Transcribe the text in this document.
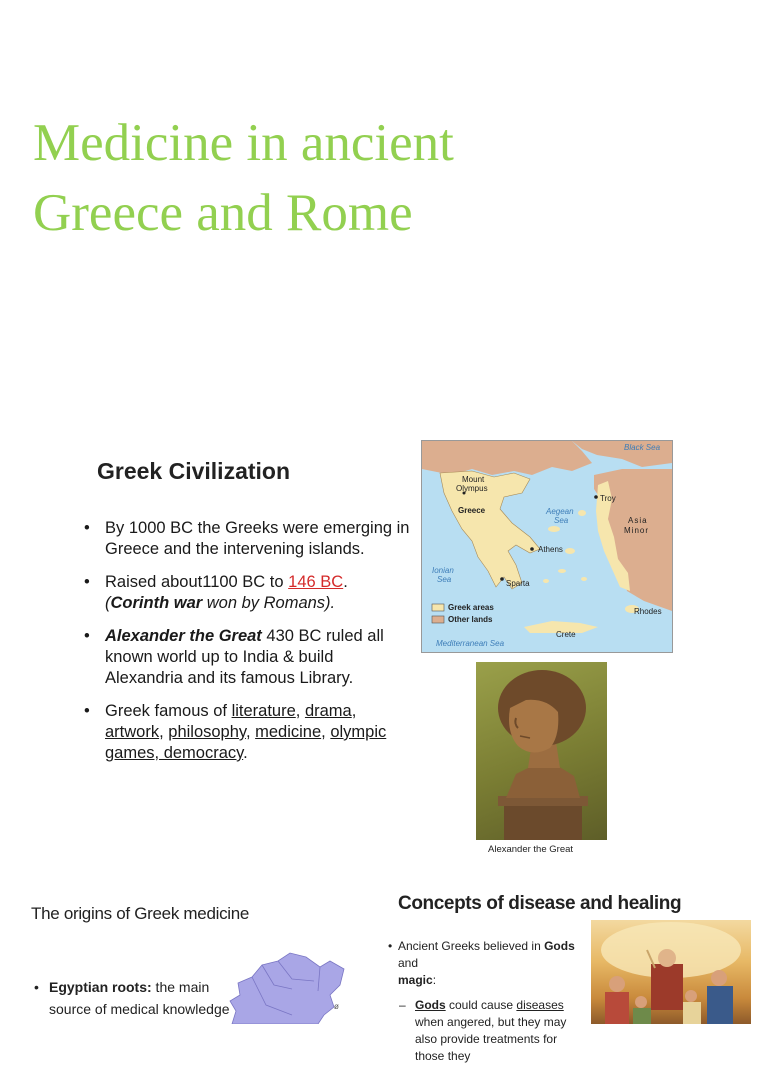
Medicine in ancient
Greece and Rome
Greek Civilization
• By 1000 BC the Greeks were emerging in Greece and the intervening islands.
• Raised about1100 BC to 146 BC.
(Corinth war won by Romans).
• Alexander the Great 430 BC ruled all known world up to India & build Alexandria and its famous Library.
• Greek famous of literature, drama, artwork, philosophy, medicine, olympic games, democracy.
Black Sea
Mount
Olympus
Greece	Aegean
Sea
Troy
Asia
Minor
Athens
Ionian
Sea	Sparta
Rhodes
Crete
Mediterranean Sea
Greek areas
Other lands
Alexander the Great
The origins of Greek medicine
• Egyptian roots: the main source of medical knowledge	ø
Concepts of disease and healing
• Ancient Greeks believed in Gods and
magic:
– Gods could cause diseases when angered, but they may also provide treatments for those they
